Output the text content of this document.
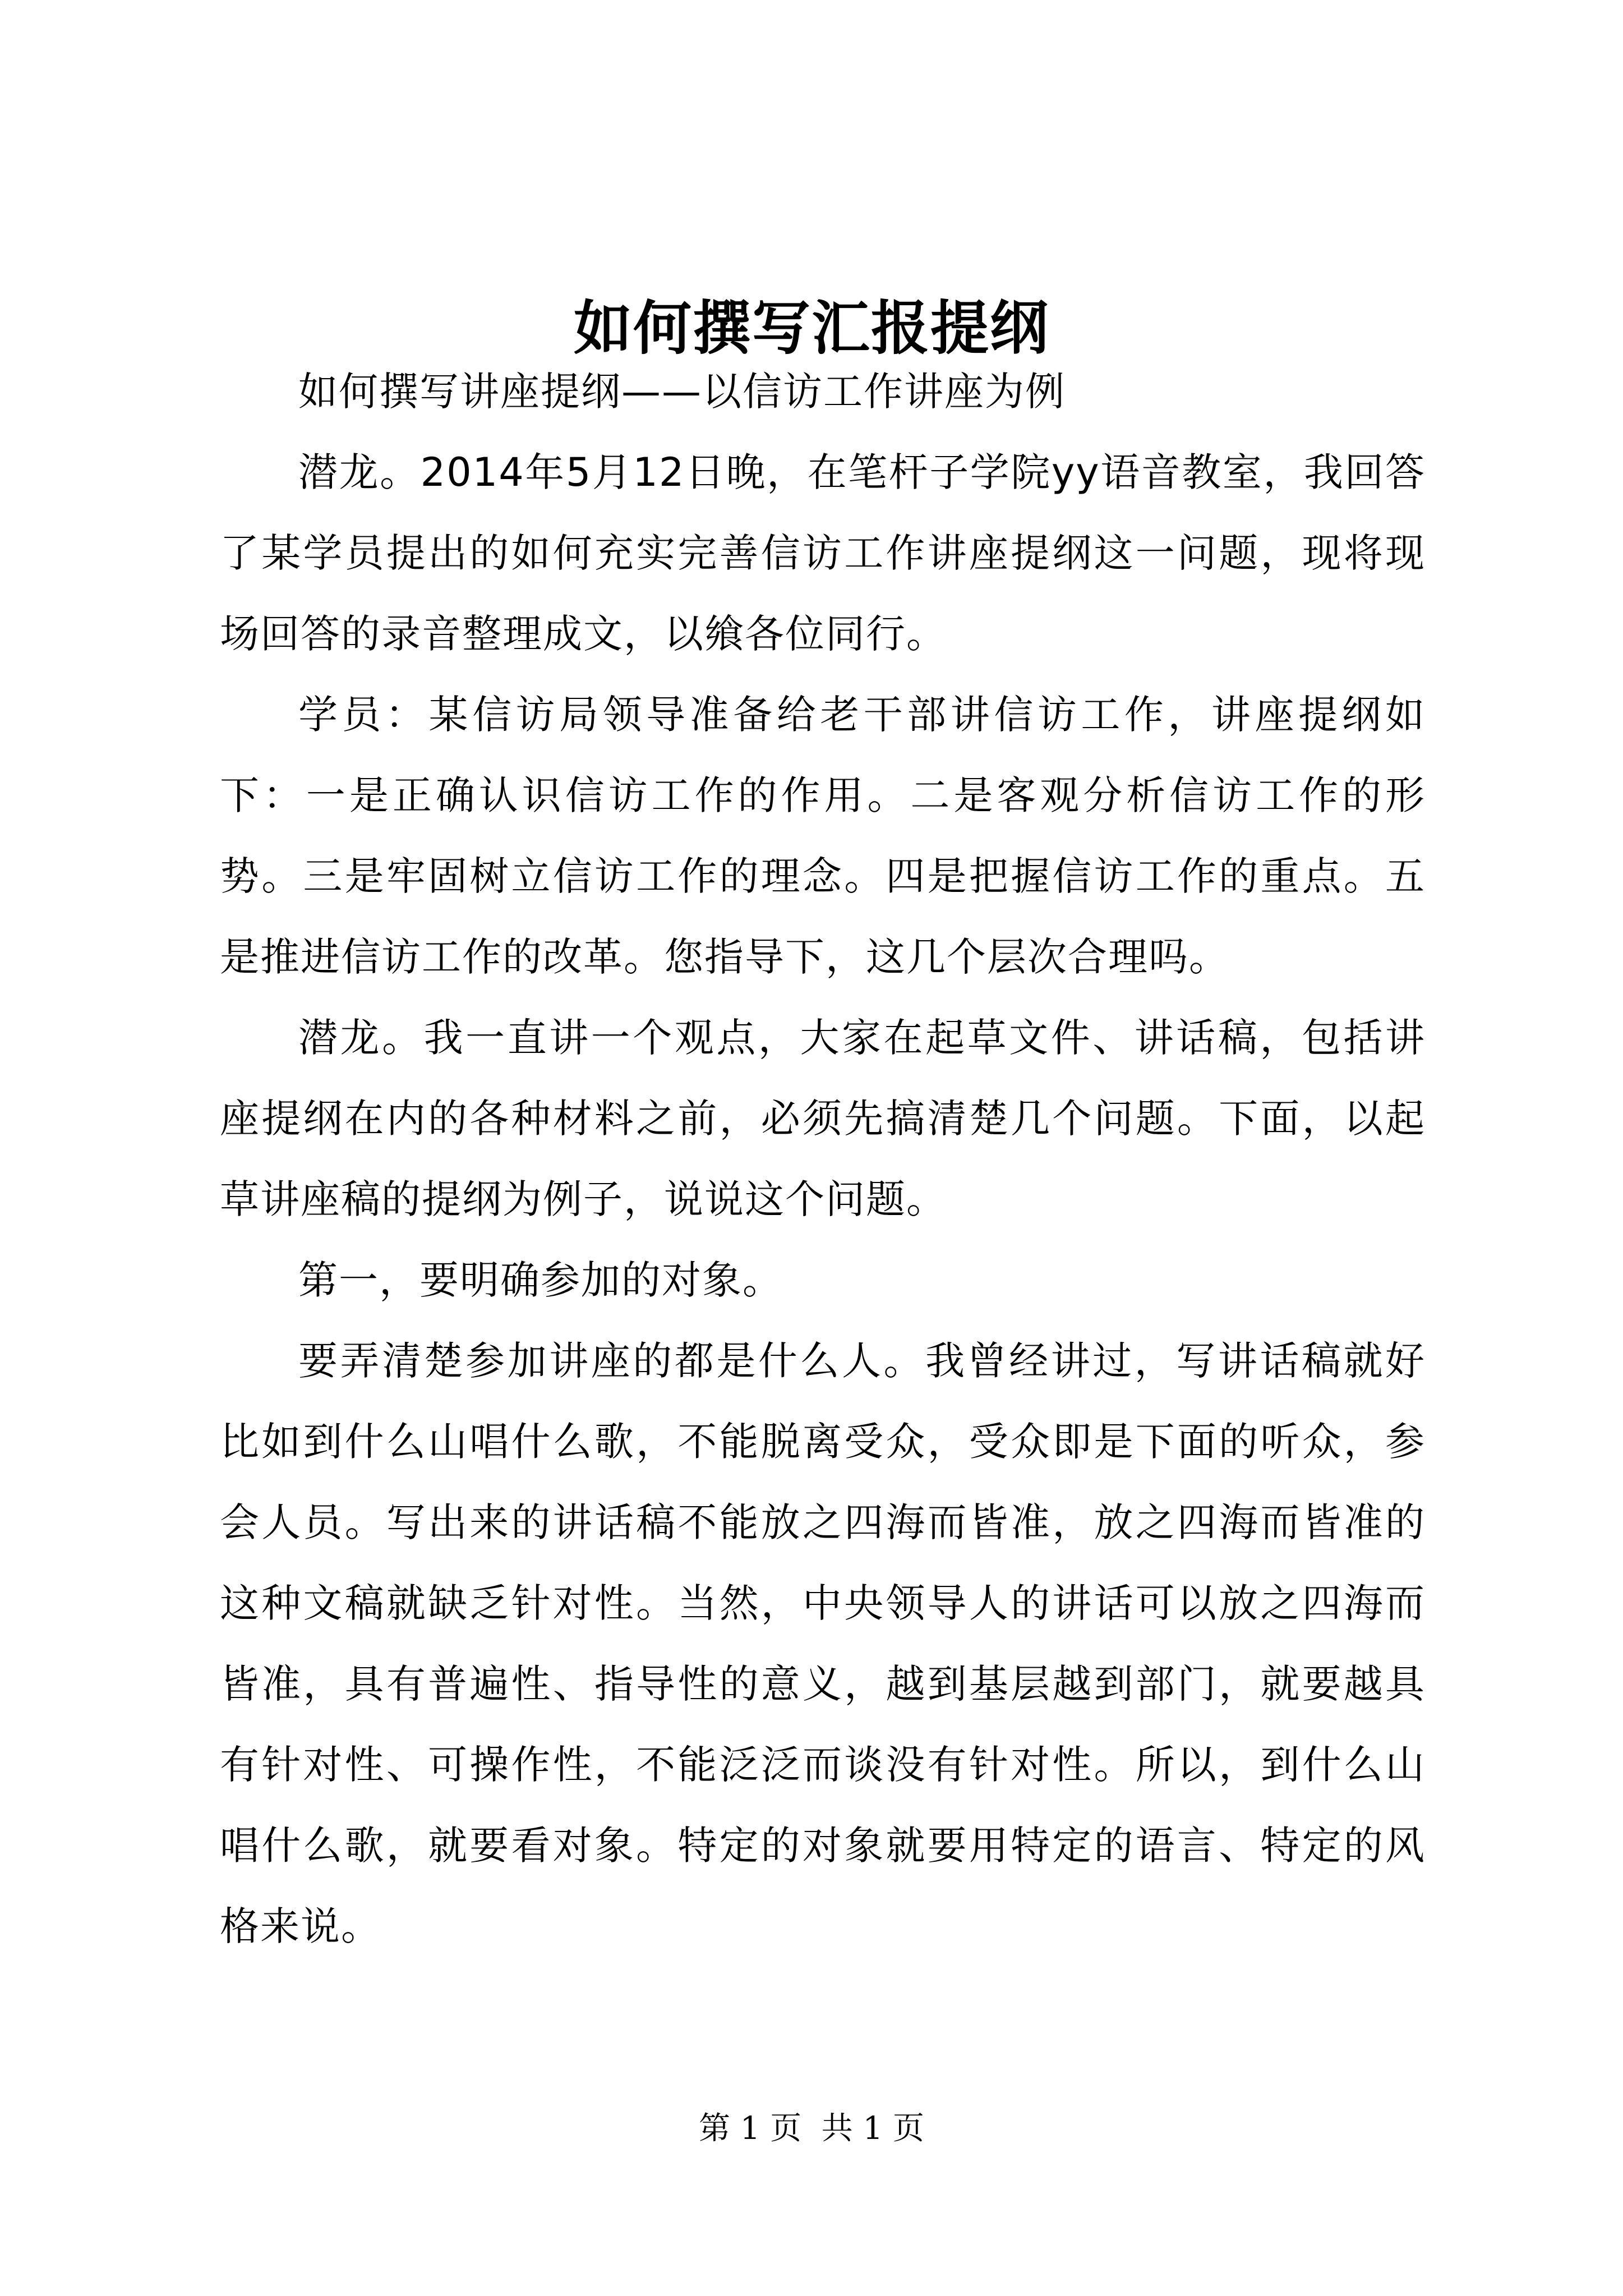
如何撰写汇报提纲

如何撰写讲座提纲——以信访工作讲座为例

潜龙。2014年5月12日晚，在笔杆子学院yy语音教室，我回答了某学员提出的如何充实完善信访工作讲座提纲这一问题，现将现场回答的录音整理成文，以飨各位同行。

学员：某信访局领导准备给老干部讲信访工作，讲座提纲如下：一是正确认识信访工作的作用。二是客观分析信访工作的形势。三是牢固树立信访工作的理念。四是把握信访工作的重点。五是推进信访工作的改革。您指导下，这几个层次合理吗。

潜龙。我一直讲一个观点，大家在起草文件、讲话稿，包括讲座提纲在内的各种材料之前，必须先搞清楚几个问题。下面，以起草讲座稿的提纲为例子，说说这个问题。

第一，要明确参加的对象。

要弄清楚参加讲座的都是什么人。我曾经讲过，写讲话稿就好比如到什么山唱什么歌，不能脱离受众，受众即是下面的听众，参会人员。写出来的讲话稿不能放之四海而皆准，放之四海而皆准的这种文稿就缺乏针对性。当然，中央领导人的讲话可以放之四海而皆准，具有普遍性、指导性的意义，越到基层越到部门，就要越具有针对性、可操作性，不能泛泛而谈没有针对性。所以，到什么山唱什么歌，就要看对象。特定的对象就要用特定的语言、特定的风格来说。

第 1 页  共 1 页
